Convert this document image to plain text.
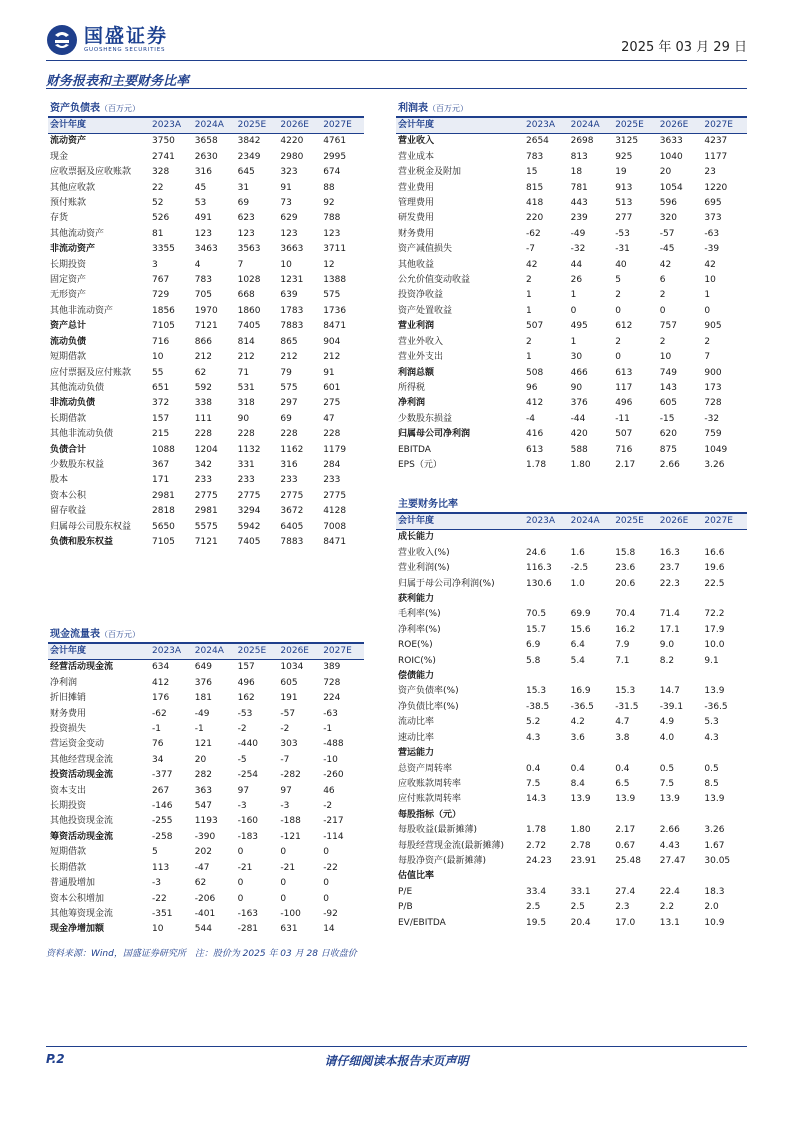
国盛证券
GUOSHENG SECURITIES	2025 年 03 月 29 日
财务报表和主要财务比率
资产负债表（百万元）
会计年度	2023A	2024A	2025E	2026E	2027E
流动资产	3750	3658	3842	4220	4761
现金	2741	2630	2349	2980	2995
应收票据及应收账款	328	316	645	323	674
其他应收款	22	45	31	91	88
预付账款	52	53	69	73	92
存货	526	491	623	629	788
其他流动资产	81	123	123	123	123
非流动资产	3355	3463	3563	3663	3711
长期投资	3	4	7	10	12
固定资产	767	783	1028	1231	1388
无形资产	729	705	668	639	575
其他非流动资产	1856	1970	1860	1783	1736
资产总计	7105	7121	7405	7883	8471
流动负债	716	866	814	865	904
短期借款	10	212	212	212	212
应付票据及应付账款	55	62	71	79	91
其他流动负债	651	592	531	575	601
非流动负债	372	338	318	297	275
长期借款	157	111	90	69	47
其他非流动负债	215	228	228	228	228
负债合计	1088	1204	1132	1162	1179
少数股东权益	367	342	331	316	284
股本	171	233	233	233	233
资本公积	2981	2775	2775	2775	2775
留存收益	2818	2981	3294	3672	4128
归属母公司股东权益	5650	5575	5942	6405	7008
负债和股东权益	7105	7121	7405	7883	8471
利润表（百万元）
会计年度	2023A	2024A	2025E	2026E	2027E
营业收入	2654	2698	3125	3633	4237
营业成本	783	813	925	1040	1177
营业税金及附加	15	18	19	20	23
营业费用	815	781	913	1054	1220
管理费用	418	443	513	596	695
研发费用	220	239	277	320	373
财务费用	-62	-49	-53	-57	-63
资产减值损失	-7	-32	-31	-45	-39
其他收益	42	44	40	42	42
公允价值变动收益	2	26	5	6	10
投资净收益	1	1	2	2	1
资产处置收益	1	0	0	0	0
营业利润	507	495	612	757	905
营业外收入	2	1	2	2	2
营业外支出	1	30	0	10	7
利润总额	508	466	613	749	900
所得税	96	90	117	143	173
净利润	412	376	496	605	728
少数股东损益	-4	-44	-11	-15	-32
归属母公司净利润	416	420	507	620	759
EBITDA	613	588	716	875	1049
EPS（元）	1.78	1.80	2.17	2.66	3.26
主要财务比率
会计年度	2023A	2024A	2025E	2026E	2027E
成长能力					
营业收入(%)	24.6	1.6	15.8	16.3	16.6
营业利润(%)	116.3	-2.5	23.6	23.7	19.6
归属于母公司净利润(%)	130.6	1.0	20.6	22.3	22.5
获利能力					
毛利率(%)	70.5	69.9	70.4	71.4	72.2
净利率(%)	15.7	15.6	16.2	17.1	17.9
ROE(%)	6.9	6.4	7.9	9.0	10.0
ROIC(%)	5.8	5.4	7.1	8.2	9.1
偿债能力					
资产负债率(%)	15.3	16.9	15.3	14.7	13.9
净负债比率(%)	-38.5	-36.5	-31.5	-39.1	-36.5
流动比率	5.2	4.2	4.7	4.9	5.3
速动比率	4.3	3.6	3.8	4.0	4.3
营运能力					
总资产周转率	0.4	0.4	0.4	0.5	0.5
应收账款周转率	7.5	8.4	6.5	7.5	8.5
应付账款周转率	14.3	13.9	13.9	13.9	13.9
每股指标（元）					
每股收益(最新摊薄)	1.78	1.80	2.17	2.66	3.26
每股经营现金流(最新摊薄)	2.72	2.78	0.67	4.43	1.67
每股净资产(最新摊薄)	24.23	23.91	25.48	27.47	30.05
估值比率					
P/E	33.4	33.1	27.4	22.4	18.3
P/B	2.5	2.5	2.3	2.2	2.0
EV/EBITDA	19.5	20.4	17.0	13.1	10.9
现金流量表（百万元）
会计年度	2023A	2024A	2025E	2026E	2027E
经营活动现金流	634	649	157	1034	389
净利润	412	376	496	605	728
折旧摊销	176	181	162	191	224
财务费用	-62	-49	-53	-57	-63
投资损失	-1	-1	-2	-2	-1
营运资金变动	76	121	-440	303	-488
其他经营现金流	34	20	-5	-7	-10
投资活动现金流	-377	282	-254	-282	-260
资本支出	267	363	97	97	46
长期投资	-146	547	-3	-3	-2
其他投资现金流	-255	1193	-160	-188	-217
筹资活动现金流	-258	-390	-183	-121	-114
短期借款	5	202	0	0	0
长期借款	113	-47	-21	-21	-22
普通股增加	-3	62	0	0	0
资本公积增加	-22	-206	0	0	0
其他筹资现金流	-351	-401	-163	-100	-92
现金净增加额	10	544	-281	631	14
资料来源：Wind，国盛证券研究所　注：股价为 2025 年 03 月 28 日收盘价
P.2	请仔细阅读本报告末页声明
